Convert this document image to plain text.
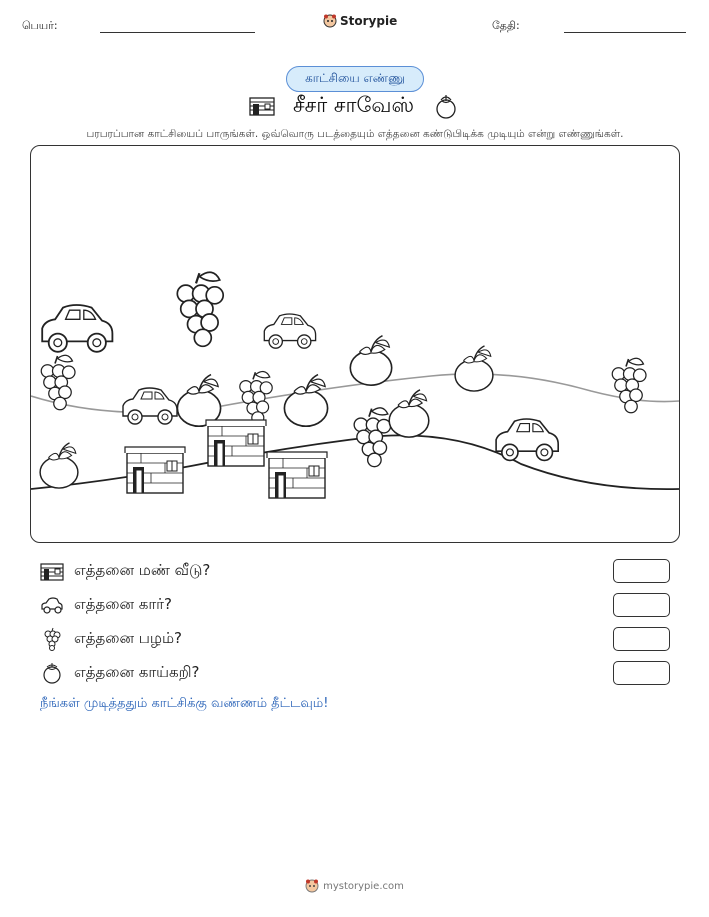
பெயர்:	Storypie	தேதி:
காட்சியை எண்ணு
சீசர் சாவேஸ்
பரபரப்பான காட்சியைப் பாருங்கள். ஒவ்வொரு படத்தையும் எத்தனை கண்டுபிடிக்க முடியும் என்று எண்ணுங்கள்.
எத்தனை மண் வீடு?
எத்தனை கார்?
எத்தனை பழம்?
எத்தனை காய்கறி?
நீங்கள் முடித்ததும் காட்சிக்கு வண்ணம் தீட்டவும்!
mystorypie.com
